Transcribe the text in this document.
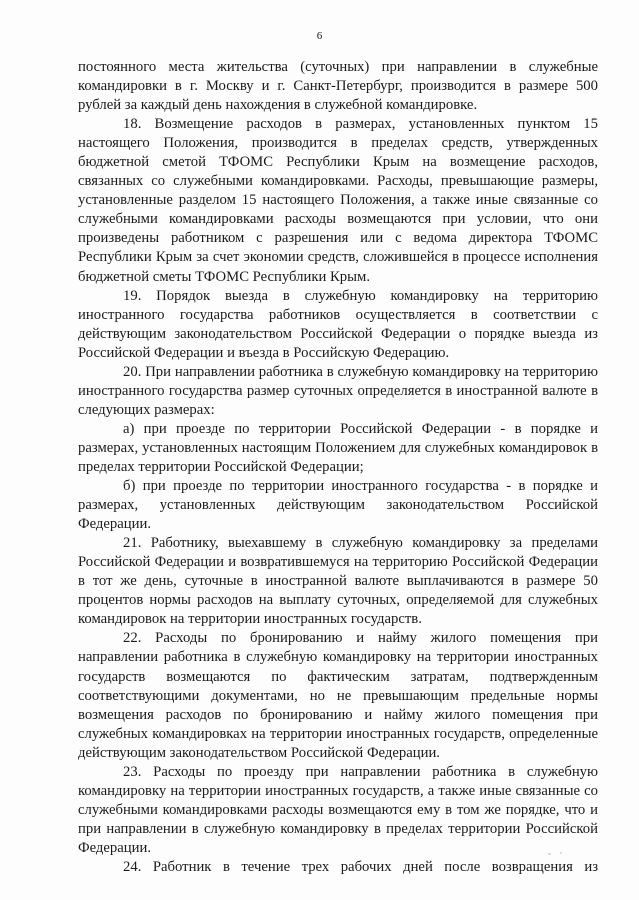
6

постоянного места жительства (суточных) при направлении в служебные командировки в г. Москву и г. Санкт-Петербург, производится в размере 500 рублей за каждый день нахождения в служебной командировке.

18. Возмещение расходов в размерах, установленных пунктом 15 настоящего Положения, производится в пределах средств, утвержденных бюджетной сметой ТФОМС Республики Крым на возмещение расходов, связанных со служебными командировками. Расходы, превышающие размеры, установленные разделом 15 настоящего Положения, а также иные связанные со служебными командировками расходы возмещаются при условии, что они произведены работником с разрешения или с ведома директора ТФОМС Республики Крым за счет экономии средств, сложившейся в процессе исполнения бюджетной сметы ТФОМС Республики Крым.

19. Порядок выезда в служебную командировку на территорию иностранного государства работников осуществляется в соответствии с действующим законодательством Российской Федерации о порядке выезда из Российской Федерации и въезда в Российскую Федерацию.

20. При направлении работника в служебную командировку на территорию иностранного государства размер суточных определяется в иностранной валюте в следующих размерах:

а) при проезде по территории Российской Федерации - в порядке и размерах, установленных настоящим Положением для служебных командировок в пределах территории Российской Федерации;

б) при проезде по территории иностранного государства - в порядке и размерах, установленных действующим законодательством Российской Федерации.

21. Работнику, выехавшему в служебную командировку за пределами Российской Федерации и возвратившемуся на территорию Российской Федерации в тот же день, суточные в иностранной валюте выплачиваются в размере 50 процентов нормы расходов на выплату суточных, определяемой для служебных командировок на территории иностранных государств.

22. Расходы по бронированию и найму жилого помещения при направлении работника в служебную командировку на территории иностранных государств возмещаются по фактическим затратам, подтвержденным соответствующими документами, но не превышающим предельные нормы возмещения расходов по бронированию и найму жилого помещения при служебных командировках на территории иностранных государств, определенные действующим законодательством Российской Федерации.

23. Расходы по проезду при направлении работника в служебную командировку на территории иностранных государств, а также иные связанные со служебными командировками расходы возмещаются ему в том же порядке, что и при направлении в служебную командировку в пределах территории Российской Федерации.

24. Работник в течение трех рабочих дней после возвращения из
